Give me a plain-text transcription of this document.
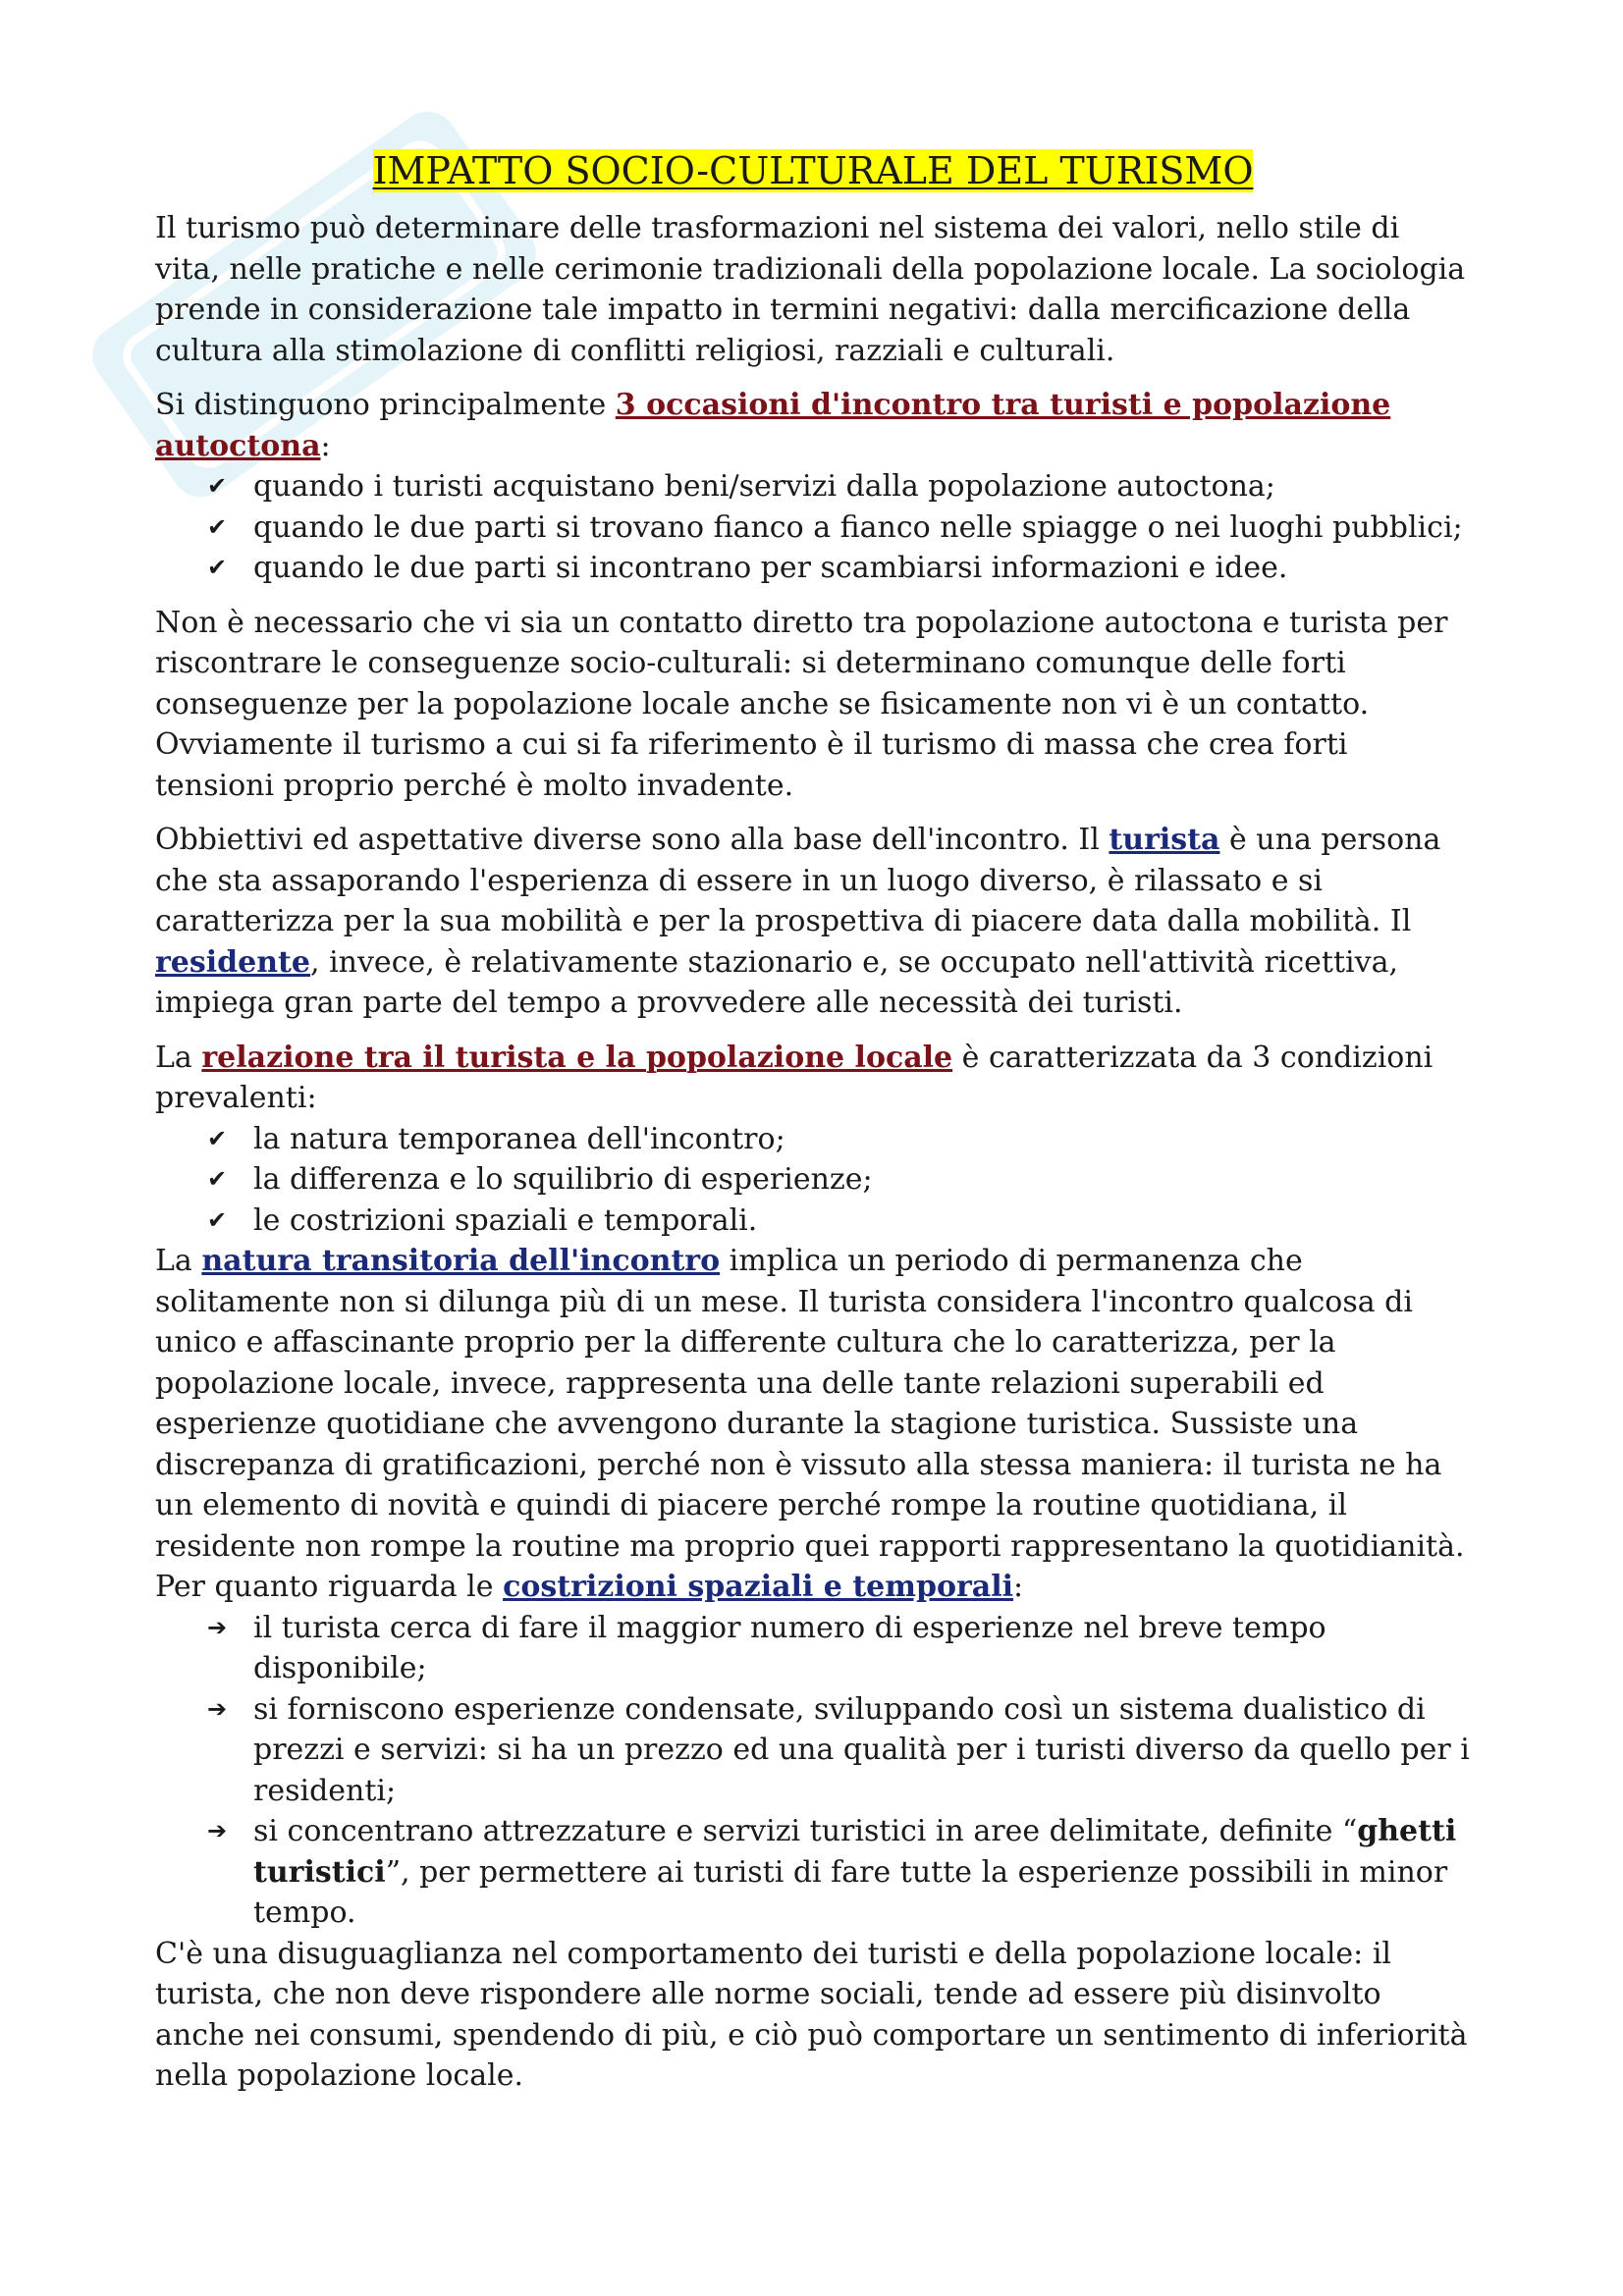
IMPATTO SOCIO-CULTURALE DEL TURISMO

Il turismo può determinare delle trasformazioni nel sistema dei valori, nello stile di vita, nelle pratiche e nelle cerimonie tradizionali della popolazione locale. La sociologia prende in considerazione tale impatto in termini negativi: dalla mercificazione della cultura alla stimolazione di conflitti religiosi, razziali e culturali.

Si distinguono principalmente 3 occasioni d'incontro tra turisti e popolazione autoctona:

✔ quando i turisti acquistano beni/servizi dalla popolazione autoctona;
✔ quando le due parti si trovano fianco a fianco nelle spiagge o nei luoghi pubblici;
✔ quando le due parti si incontrano per scambiarsi informazioni e idee.

Non è necessario che vi sia un contatto diretto tra popolazione autoctona e turista per riscontrare le conseguenze socio-culturali: si determinano comunque delle forti conseguenze per la popolazione locale anche se fisicamente non vi è un contatto. Ovviamente il turismo a cui si fa riferimento è il turismo di massa che crea forti tensioni proprio perché è molto invadente.

Obbiettivi ed aspettative diverse sono alla base dell'incontro. Il turista è una persona che sta assaporando l'esperienza di essere in un luogo diverso, è rilassato e si caratterizza per la sua mobilità e per la prospettiva di piacere data dalla mobilità. Il residente, invece, è relativamente stazionario e, se occupato nell'attività ricettiva, impiega gran parte del tempo a provvedere alle necessità dei turisti.

La relazione tra il turista e la popolazione locale è caratterizzata da 3 condizioni prevalenti:

✔ la natura temporanea dell'incontro;
✔ la differenza e lo squilibrio di esperienze;
✔ le costrizioni spaziali e temporali.

La natura transitoria dell'incontro implica un periodo di permanenza che solitamente non si dilunga più di un mese. Il turista considera l'incontro qualcosa di unico e affascinante proprio per la differente cultura che lo caratterizza, per la popolazione locale, invece, rappresenta una delle tante relazioni superabili ed esperienze quotidiane che avvengono durante la stagione turistica. Sussiste una discrepanza di gratificazioni, perché non è vissuto alla stessa maniera: il turista ne ha un elemento di novità e quindi di piacere perché rompe la routine quotidiana, il residente non rompe la routine ma proprio quei rapporti rappresentano la quotidianità.

Per quanto riguarda le costrizioni spaziali e temporali:

➔ il turista cerca di fare il maggior numero di esperienze nel breve tempo disponibile;
➔ si forniscono esperienze condensate, sviluppando così un sistema dualistico di prezzi e servizi: si ha un prezzo ed una qualità per i turisti diverso da quello per i residenti;
➔ si concentrano attrezzature e servizi turistici in aree delimitate, definite “ghetti turistici”, per permettere ai turisti di fare tutte la esperienze possibili in minor tempo.

C'è una disuguaglianza nel comportamento dei turisti e della popolazione locale: il turista, che non deve rispondere alle norme sociali, tende ad essere più disinvolto anche nei consumi, spendendo di più, e ciò può comportare un sentimento di inferiorità nella popolazione locale.
